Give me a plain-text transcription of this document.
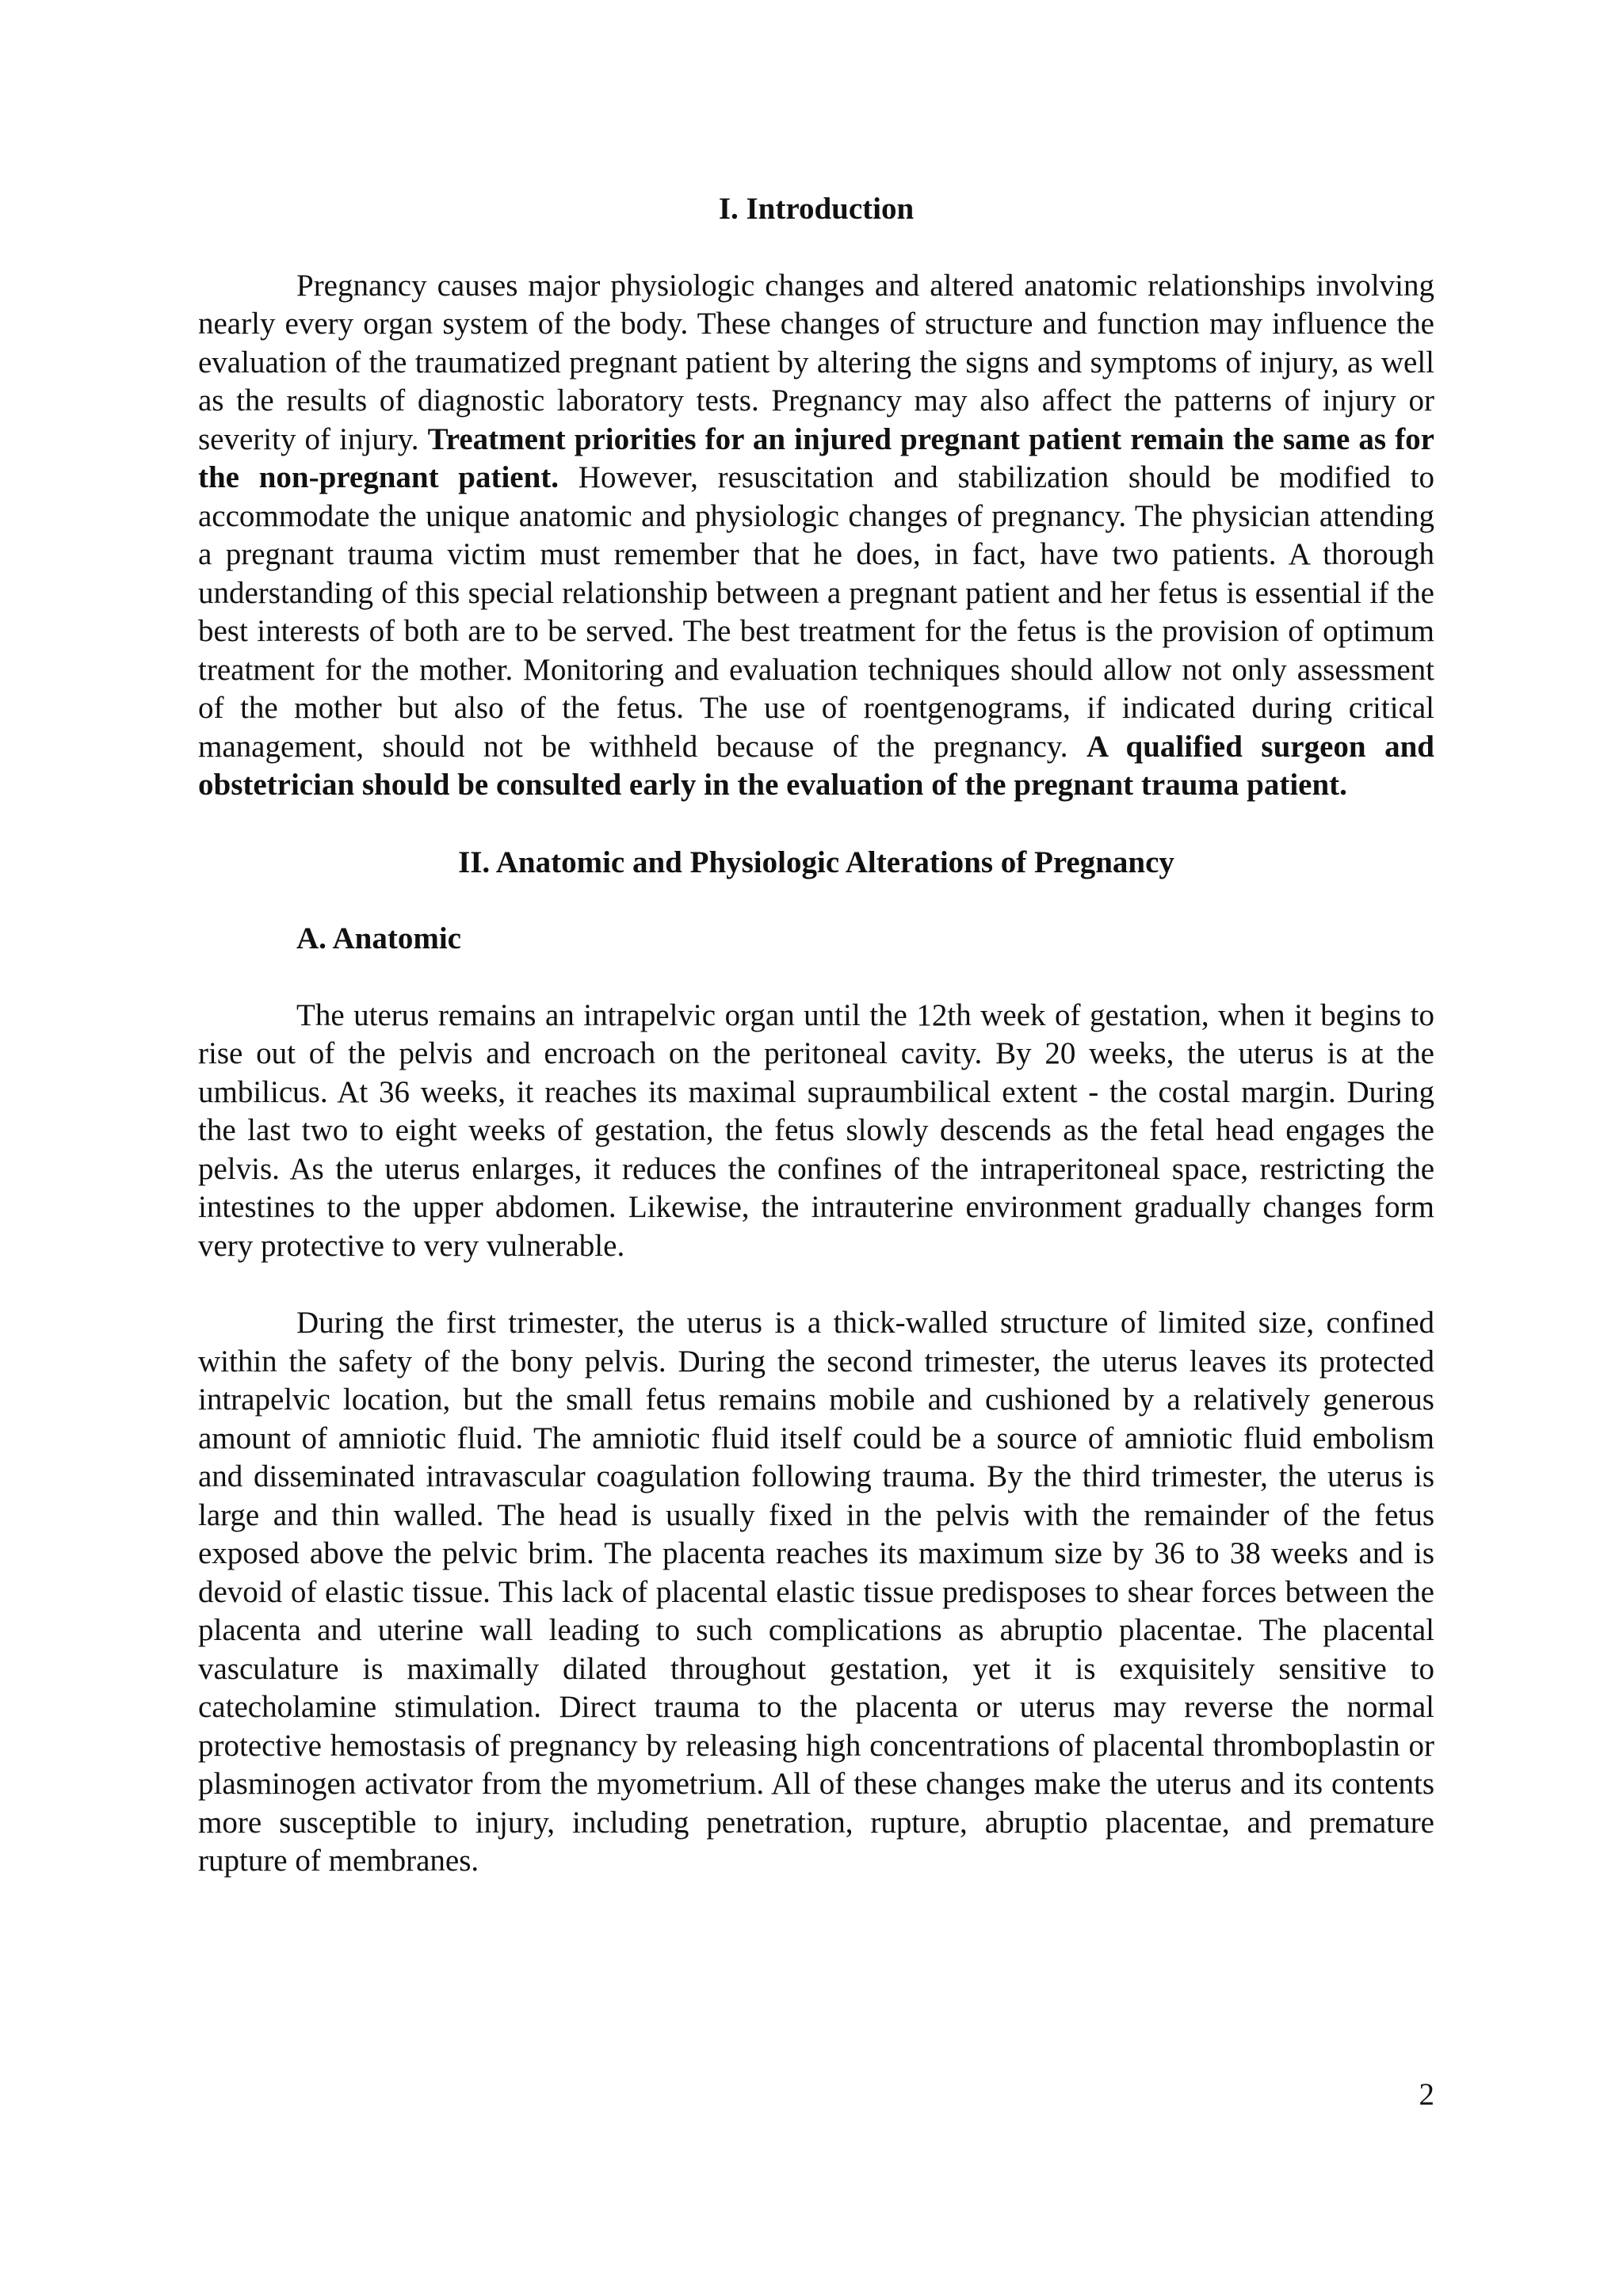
I. Introduction

Pregnancy causes major physiologic changes and altered anatomic relationships involving nearly every organ system of the body. These changes of structure and function may influence the evaluation of the traumatized pregnant patient by altering the signs and symptoms of injury, as well as the results of diagnostic laboratory tests. Pregnancy may also affect the patterns of injury or severity of injury. Treatment priorities for an injured pregnant patient remain the same as for the non-pregnant patient. However, resuscitation and stabilization should be modified to accommodate the unique anatomic and physiologic changes of pregnancy. The physician attending a pregnant trauma victim must remember that he does, in fact, have two patients. A thorough understanding of this special relationship between a pregnant patient and her fetus is essential if the best interests of both are to be served. The best treatment for the fetus is the provision of optimum treatment for the mother. Monitoring and evaluation techniques should allow not only assessment of the mother but also of the fetus. The use of roentgenograms, if indicated during critical management, should not be withheld because of the pregnancy. A qualified surgeon and obstetrician should be consulted early in the evaluation of the pregnant trauma patient.

II. Anatomic and Physiologic Alterations of Pregnancy
A. Anatomic

The uterus remains an intrapelvic organ until the 12th week of gestation, when it begins to rise out of the pelvis and encroach on the peritoneal cavity. By 20 weeks, the uterus is at the umbilicus. At 36 weeks, it reaches its maximal supraumbilical extent - the costal margin. During the last two to eight weeks of gestation, the fetus slowly descends as the fetal head engages the pelvis. As the uterus enlarges, it reduces the confines of the intraperitoneal space, restricting the intestines to the upper abdomen. Likewise, the intrauterine environment gradually changes form very protective to very vulnerable.

During the first trimester, the uterus is a thick-walled structure of limited size, confined within the safety of the bony pelvis. During the second trimester, the uterus leaves its protected intrapelvic location, but the small fetus remains mobile and cushioned by a relatively generous amount of amniotic fluid. The amniotic fluid itself could be a source of amniotic fluid embolism and disseminated intravascular coagulation following trauma. By the third trimester, the uterus is large and thin walled. The head is usually fixed in the pelvis with the remainder of the fetus exposed above the pelvic brim. The placenta reaches its maximum size by 36 to 38 weeks and is devoid of elastic tissue. This lack of placental elastic tissue predisposes to shear forces between the placenta and uterine wall leading to such complications as abruptio placentae. The placental vasculature is maximally dilated throughout gestation, yet it is exquisitely sensitive to catecholamine stimulation. Direct trauma to the placenta or uterus may reverse the normal protective hemostasis of pregnancy by releasing high concentrations of placental thromboplastin or plasminogen activator from the myometrium. All of these changes make the uterus and its contents more susceptible to injury, including penetration, rupture, abruptio placentae, and premature rupture of membranes.

2
